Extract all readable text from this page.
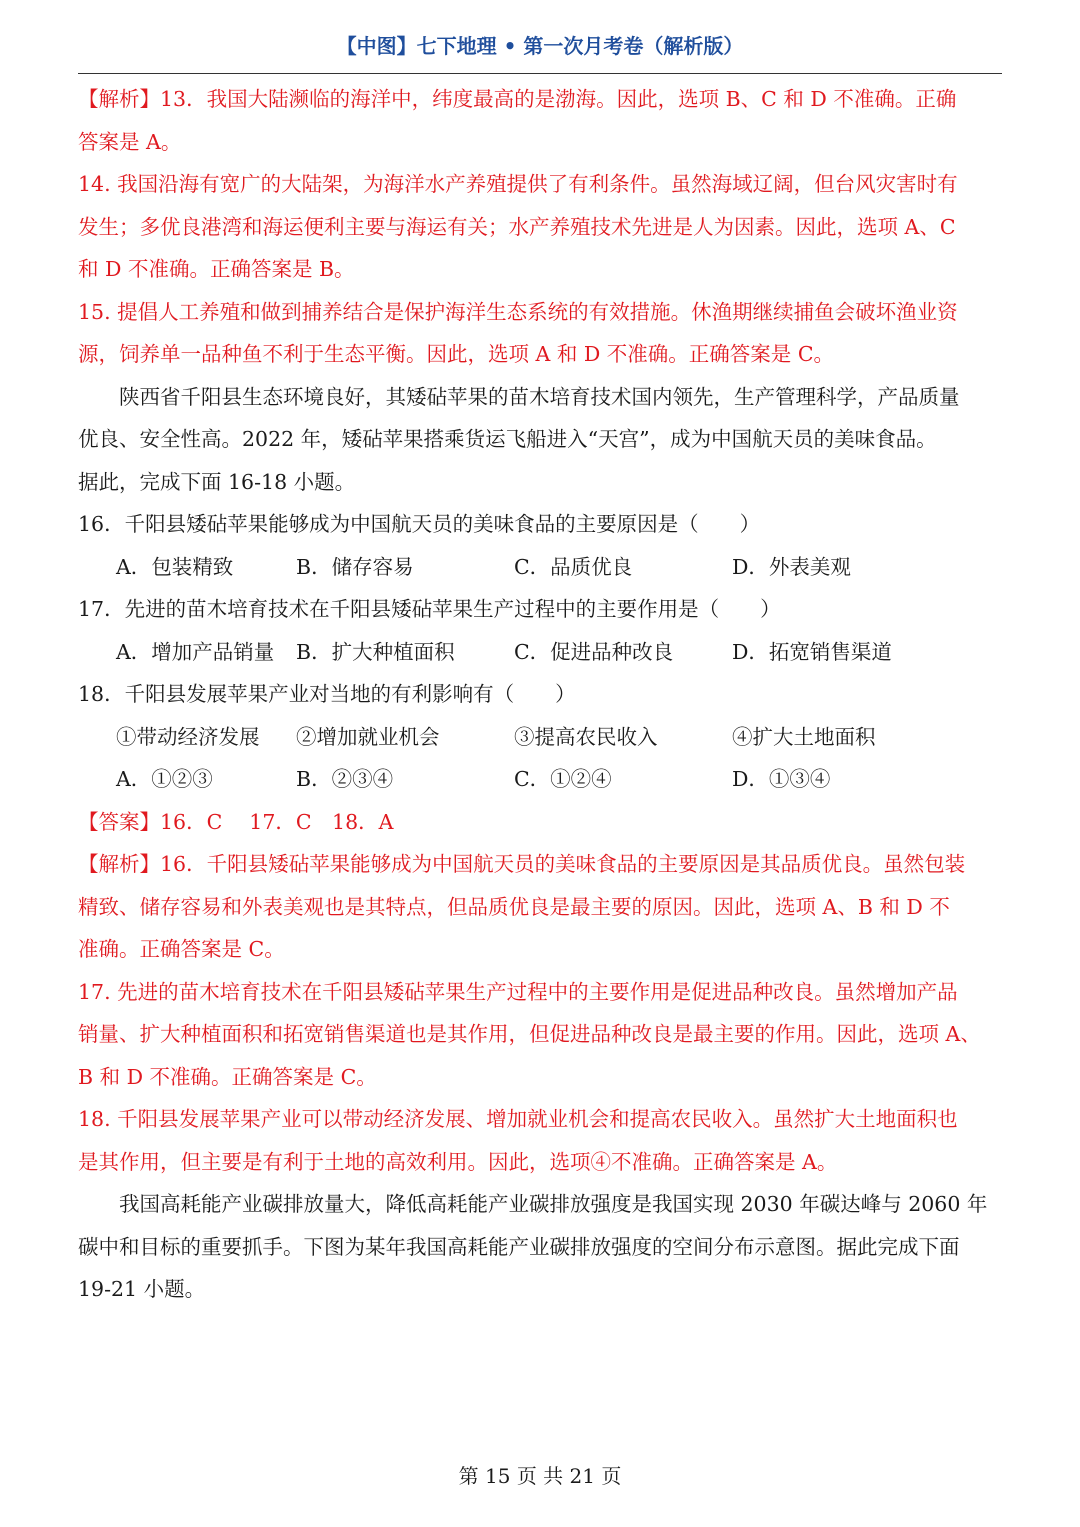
【中图】七下地理 • 第一次月考卷（解析版）

【解析】13．我国大陆濒临的海洋中，纬度最高的是渤海。因此，选项 B、C 和 D 不准确。正确

答案是 A。

14. 我国沿海有宽广的大陆架，为海洋水产养殖提供了有利条件。虽然海域辽阔，但台风灾害时有

发生；多优良港湾和海运便利主要与海运有关；水产养殖技术先进是人为因素。因此，选项 A、C

和 D 不准确。正确答案是 B。

15. 提倡人工养殖和做到捕养结合是保护海洋生态系统的有效措施。休渔期继续捕鱼会破坏渔业资

源，饲养单一品种鱼不利于生态平衡。因此，选项 A 和 D 不准确。正确答案是 C。

陕西省千阳县生态环境良好，其矮砧苹果的苗木培育技术国内领先，生产管理科学，产品质量

优良、安全性高。2022 年，矮砧苹果搭乘货运飞船进入“天宫”，成为中国航天员的美味食品。

据此，完成下面 16-18 小题。

16．千阳县矮砧苹果能够成为中国航天员的美味食品的主要原因是（　　）

A．包装精致	B．储存容易	C．品质优良	D．外表美观

17．先进的苗木培育技术在千阳县矮砧苹果生产过程中的主要作用是（　　）

A．增加产品销量	B．扩大种植面积	C．促进品种改良	D．拓宽销售渠道

18．千阳县发展苹果产业对当地的有利影响有（　　）

①带动经济发展	②增加就业机会	③提高农民收入	④扩大土地面积
A．①②③	B．②③④	C．①②④	D．①③④

【答案】16．C　 17．C　18．A

【解析】16．千阳县矮砧苹果能够成为中国航天员的美味食品的主要原因是其品质优良。虽然包装

精致、储存容易和外表美观也是其特点，但品质优良是最主要的原因。因此，选项 A、B 和 D 不

准确。正确答案是 C。

17. 先进的苗木培育技术在千阳县矮砧苹果生产过程中的主要作用是促进品种改良。虽然增加产品

销量、扩大种植面积和拓宽销售渠道也是其作用，但促进品种改良是最主要的作用。因此，选项 A、

B 和 D 不准确。正确答案是 C。

18. 千阳县发展苹果产业可以带动经济发展、增加就业机会和提高农民收入。虽然扩大土地面积也

是其作用，但主要是有利于土地的高效利用。因此，选项④不准确。正确答案是 A。

我国高耗能产业碳排放量大，降低高耗能产业碳排放强度是我国实现 2030 年碳达峰与 2060 年

碳中和目标的重要抓手。下图为某年我国高耗能产业碳排放强度的空间分布示意图。据此完成下面

19-21 小题。

第 15 页 共 21 页
